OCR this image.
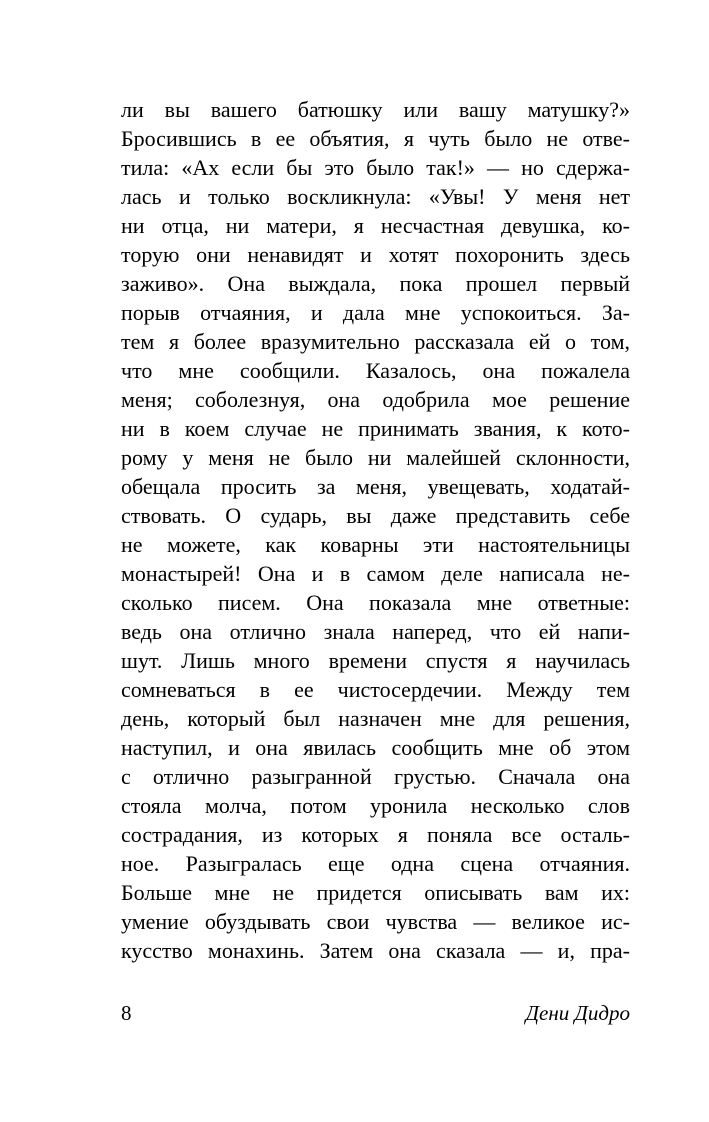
ли вы вашего батюшку или вашу матушку?»
Бросившись в ее объятия, я чуть было не отве-
тила: «Ах если бы это было так!» — но сдержа-
лась и только воскликнула: «Увы! У меня нет
ни отца, ни матери, я несчастная девушка, ко-
торую они ненавидят и хотят похоронить здесь
заживо». Она выждала, пока прошел первый
порыв отчаяния, и дала мне успокоиться. За-
тем я более вразумительно рассказала ей о том,
что мне сообщили. Казалось, она пожалела
меня; соболезнуя, она одобрила мое решение
ни в коем случае не принимать звания, к кото-
рому у меня не было ни малейшей склонности,
обещала просить за меня, увещевать, ходатай-
ствовать. О сударь, вы даже представить себе
не можете, как коварны эти настоятельницы
монастырей! Она и в самом деле написала не-
сколько писем. Она показала мне ответные:
ведь она отлично знала наперед, что ей напи-
шут. Лишь много времени спустя я научилась
сомневаться в ее чистосердечии. Между тем
день, который был назначен мне для решения,
наступил, и она явилась сообщить мне об этом
с отлично разыгранной грустью. Сначала она
стояла молча, потом уронила несколько слов
сострадания, из которых я поняла все осталь-
ное. Разыгралась еще одна сцена отчаяния.
Больше мне не придется описывать вам их:
умение обуздывать свои чувства — великое ис-
кусство монахинь. Затем она сказала — и, пра-
8	Дени Дидро
